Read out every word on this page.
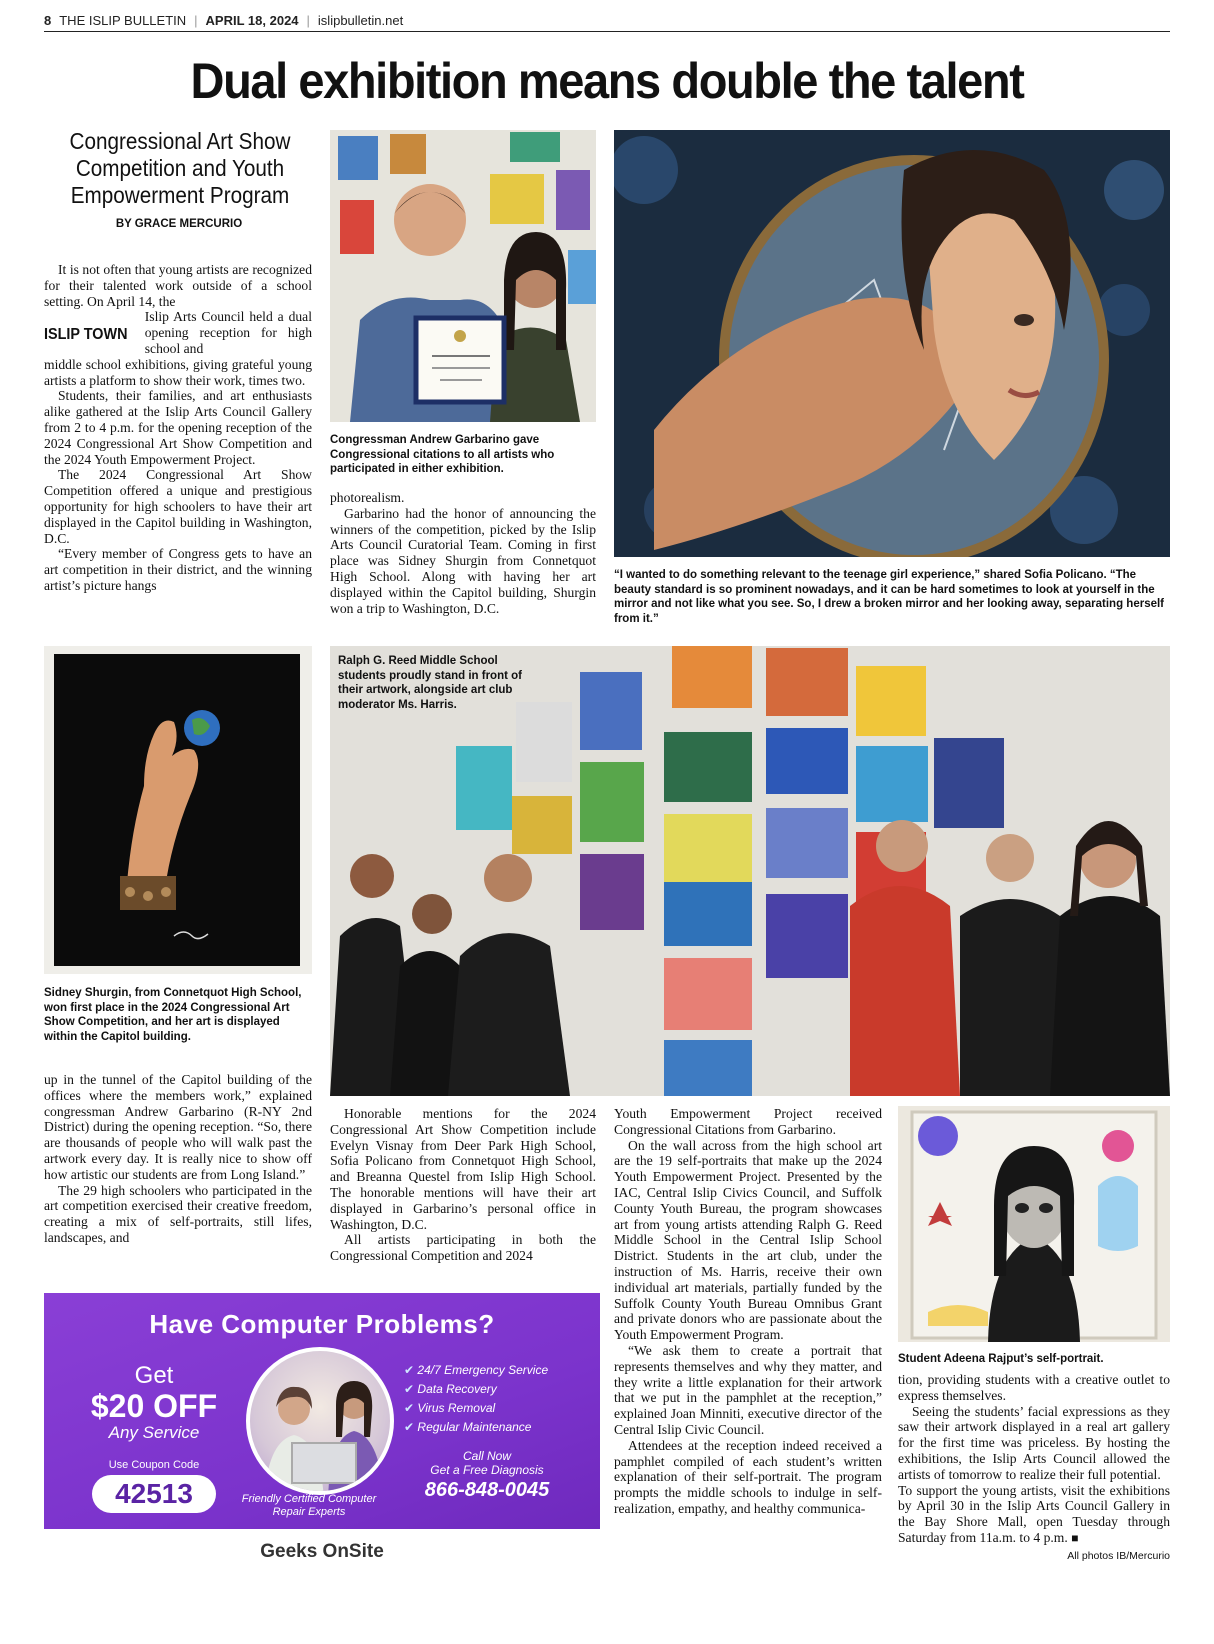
8 THE ISLIP BULLETIN | APRIL 18, 2024 | islipbulletin.net
Dual exhibition means double the talent
Congressional Art Show Competition and Youth Empowerment Program
BY GRACE MERCURIO

It is not often that young artists are recognized for their talented work outside of a school setting. On April 14, the

ISLIP TOWN

Islip Arts Council held a dual opening reception for high school and

middle school exhibitions, giving grateful young artists a platform to show their work, times two.

Students, their families, and art enthusiasts alike gathered at the Islip Arts Council Gallery from 2 to 4 p.m. for the opening reception of the 2024 Congressional Art Show Competition and the 2024 Youth Empowerment Project.

The 2024 Congressional Art Show Competition offered a unique and prestigious opportunity for high schoolers to have their art displayed in the Capitol building in Washington, D.C.

“Every member of Congress gets to have an art competition in their district, and the winning artist’s picture hangs

Congressman Andrew Garbarino gave Congressional citations to all artists who participated in either exhibition.

photorealism.

Garbarino had the honor of announcing the winners of the competition, picked by the Islip Arts Council Curatorial Team. Coming in first place was Sidney Shurgin from Connetquot High School. Along with having her art displayed within the Capitol building, Shurgin won a trip to Washington, D.C.

“I wanted to do something relevant to the teenage girl experience,” shared Sofia Policano. “The beauty standard is so prominent nowadays, and it can be hard sometimes to look at yourself in the mirror and not like what you see. So, I drew a broken mirror and her looking away, separating herself from it.”
Sidney Shurgin, from Connetquot High School, won first place in the 2024 Congressional Art Show Competition, and her art is displayed within the Capitol building.

up in the tunnel of the Capitol building of the offices where the members work,” explained congressman Andrew Garbarino (R-NY 2nd District) during the opening reception. “So, there are thousands of people who will walk past the artwork every day. It is really nice to show off how artistic our students are from Long Island.”

The 29 high schoolers who participated in the art competition exercised their creative freedom, creating a mix of self-portraits, still lifes, landscapes, and

Ralph G. Reed Middle School students proudly stand in front of their artwork, alongside art club moderator Ms. Harris.

Honorable mentions for the 2024 Congressional Art Show Competition include Evelyn Visnay from Deer Park High School, Sofia Policano from Connetquot High School, and Breanna Questel from Islip High School. The honorable mentions will have their art displayed in Garbarino’s personal office in Washington, D.C.

All artists participating in both the Congressional Competition and 2024

Youth Empowerment Project received Congressional Citations from Garbarino.

On the wall across from the high school art are the 19 self-portraits that make up the 2024 Youth Empowerment Project. Presented by the IAC, Central Islip Civics Council, and Suffolk County Youth Bureau, the program showcases art from young artists attending Ralph G. Reed Middle School in the Central Islip School District. Students in the art club, under the instruction of Ms. Harris, receive their own individual art materials, partially funded by the Suffolk County Youth Bureau Omnibus Grant and private donors who are passionate about the Youth Empowerment Program.

“We ask them to create a portrait that represents themselves and why they matter, and they write a little explanation for their artwork that we put in the pamphlet at the reception,” explained Joan Minniti, executive director of the Central Islip Civic Council.

Attendees at the reception indeed received a pamphlet compiled of each student’s written explanation of their self-portrait. The program prompts the middle schools to indulge in self-realization, empathy, and healthy communica-

Student Adeena Rajput’s self-portrait.

tion, providing students with a creative outlet to express themselves.

Seeing the students’ facial expressions as they saw their artwork displayed in a real art gallery for the first time was priceless. By hosting the exhibitions, the Islip Arts Council allowed the artists of tomorrow to realize their full potential.

To support the young artists, visit the exhibitions by April 30 in the Islip Arts Council Gallery in the Bay Shore Mall, open Tuesday through Saturday from 11a.m. to 4 p.m. ■
All photos IB/Mercurio
Have Computer Problems?
Get
$20 OFF
Any Service
Use Coupon Code
42513
✔ 24/7 Emergency Service
✔ Data Recovery
✔ Virus Removal
✔ Regular Maintenance
Call Now
Get a Free Diagnosis
866-848-0045
Friendly Certified Computer Repair Experts
Geeks OnSite
